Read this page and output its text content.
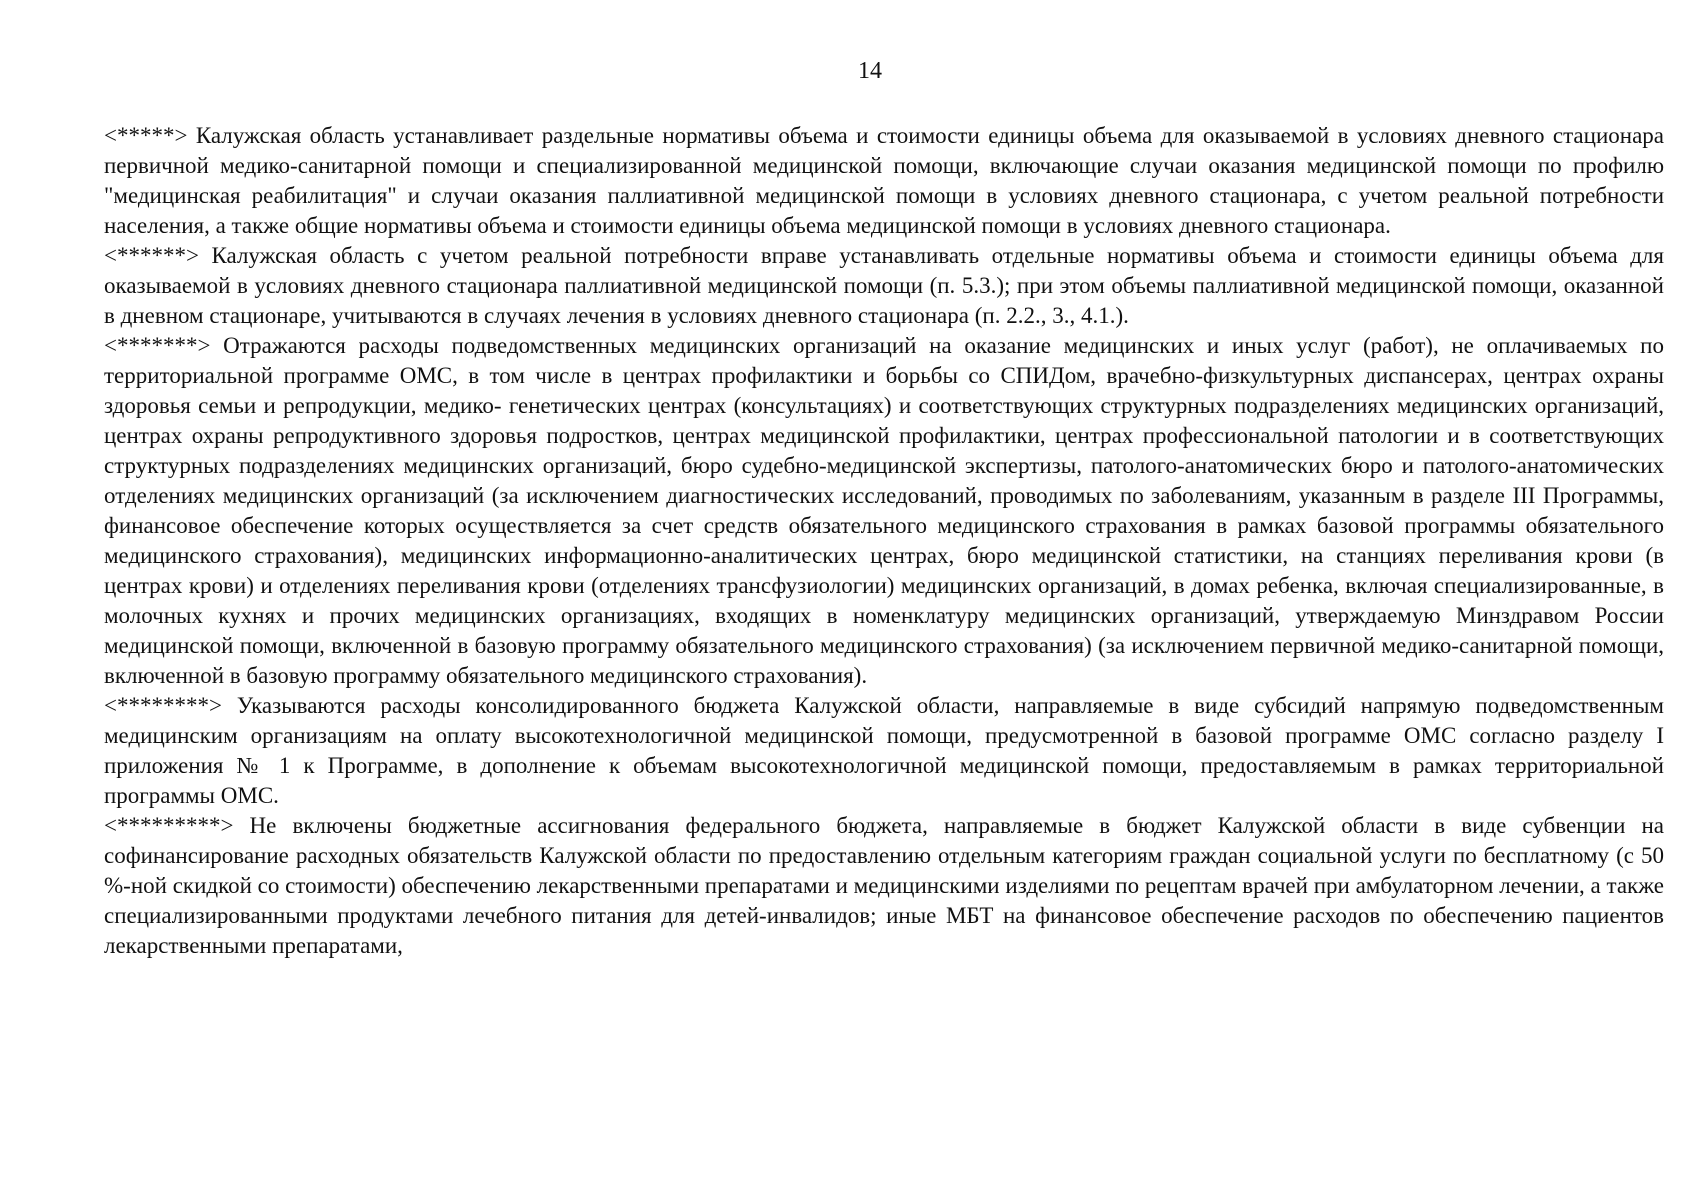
14

<*****> Калужская область устанавливает раздельные нормативы объема и стоимости единицы объема для оказываемой в условиях дневного стационара первичной медико-санитарной помощи и специализированной медицинской помощи, включающие случаи оказания медицинской помощи по профилю "медицинская реабилитация" и случаи оказания паллиативной медицинской помощи в условиях дневного стационара, с учетом реальной потребности населения, а также общие нормативы объема и стоимости единицы объема медицинской помощи в условиях дневного стационара.

<******> Калужская область с учетом реальной потребности вправе устанавливать отдельные нормативы объема и стоимости единицы объема для оказываемой в условиях дневного стационара паллиативной медицинской помощи (п. 5.3.); при этом объемы паллиативной медицинской помощи, оказанной в дневном стационаре, учитываются в случаях лечения в условиях дневного стационара (п. 2.2., 3., 4.1.).

<*******> Отражаются расходы подведомственных медицинских организаций на оказание медицинских и иных услуг (работ), не оплачиваемых по территориальной программе ОМС, в том числе в центрах профилактики и борьбы со СПИДом, врачебно-физкультурных диспансерах, центрах охраны здоровья семьи и репродукции, медико- генетических центрах (консультациях) и соответствующих структурных подразделениях медицинских организаций, центрах охраны репродуктивного здоровья подростков, центрах медицинской профилактики, центрах профессиональной патологии и в соответствующих структурных подразделениях медицинских организаций, бюро судебно-медицинской экспертизы, патолого-анатомических бюро и патолого-анатомических отделениях медицинских организаций (за исключением диагностических исследований, проводимых по заболеваниям, указанным в разделе III Программы, финансовое обеспечение которых осуществляется за счет средств обязательного медицинского страхования в рамках базовой программы обязательного медицинского страхования), медицинских информационно-аналитических центрах, бюро медицинской статистики, на станциях переливания крови (в центрах крови) и отделениях переливания крови (отделениях трансфузиологии) медицинских организаций, в домах ребенка, включая специализированные, в молочных кухнях и прочих медицинских организациях, входящих в номенклатуру медицинских организаций, утверждаемую Минздравом России медицинской помощи, включенной в базовую программу обязательного медицинского страхования) (за исключением первичной медико-санитарной помощи, включенной в базовую программу обязательного медицинского страхования).

<********> Указываются расходы консолидированного бюджета Калужской области, направляемые в виде субсидий напрямую подведомственным медицинским организациям на оплату высокотехнологичной медицинской помощи, предусмотренной в базовой программе ОМС согласно разделу I приложения № 1 к Программе, в дополнение к объемам высокотехнологичной медицинской помощи, предоставляемым в рамках территориальной программы ОМС.

<*********> Не включены бюджетные ассигнования федерального бюджета, направляемые в бюджет Калужской области в виде субвенции на софинансирование расходных обязательств Калужской области по предоставлению отдельным категориям граждан социальной услуги по бесплатному (с 50 %-ной скидкой со стоимости) обеспечению лекарственными препаратами и медицинскими изделиями по рецептам врачей при амбулаторном лечении, а также специализированными продуктами лечебного питания для детей-инвалидов; иные МБТ на финансовое обеспечение расходов по обеспечению пациентов лекарственными препаратами,
